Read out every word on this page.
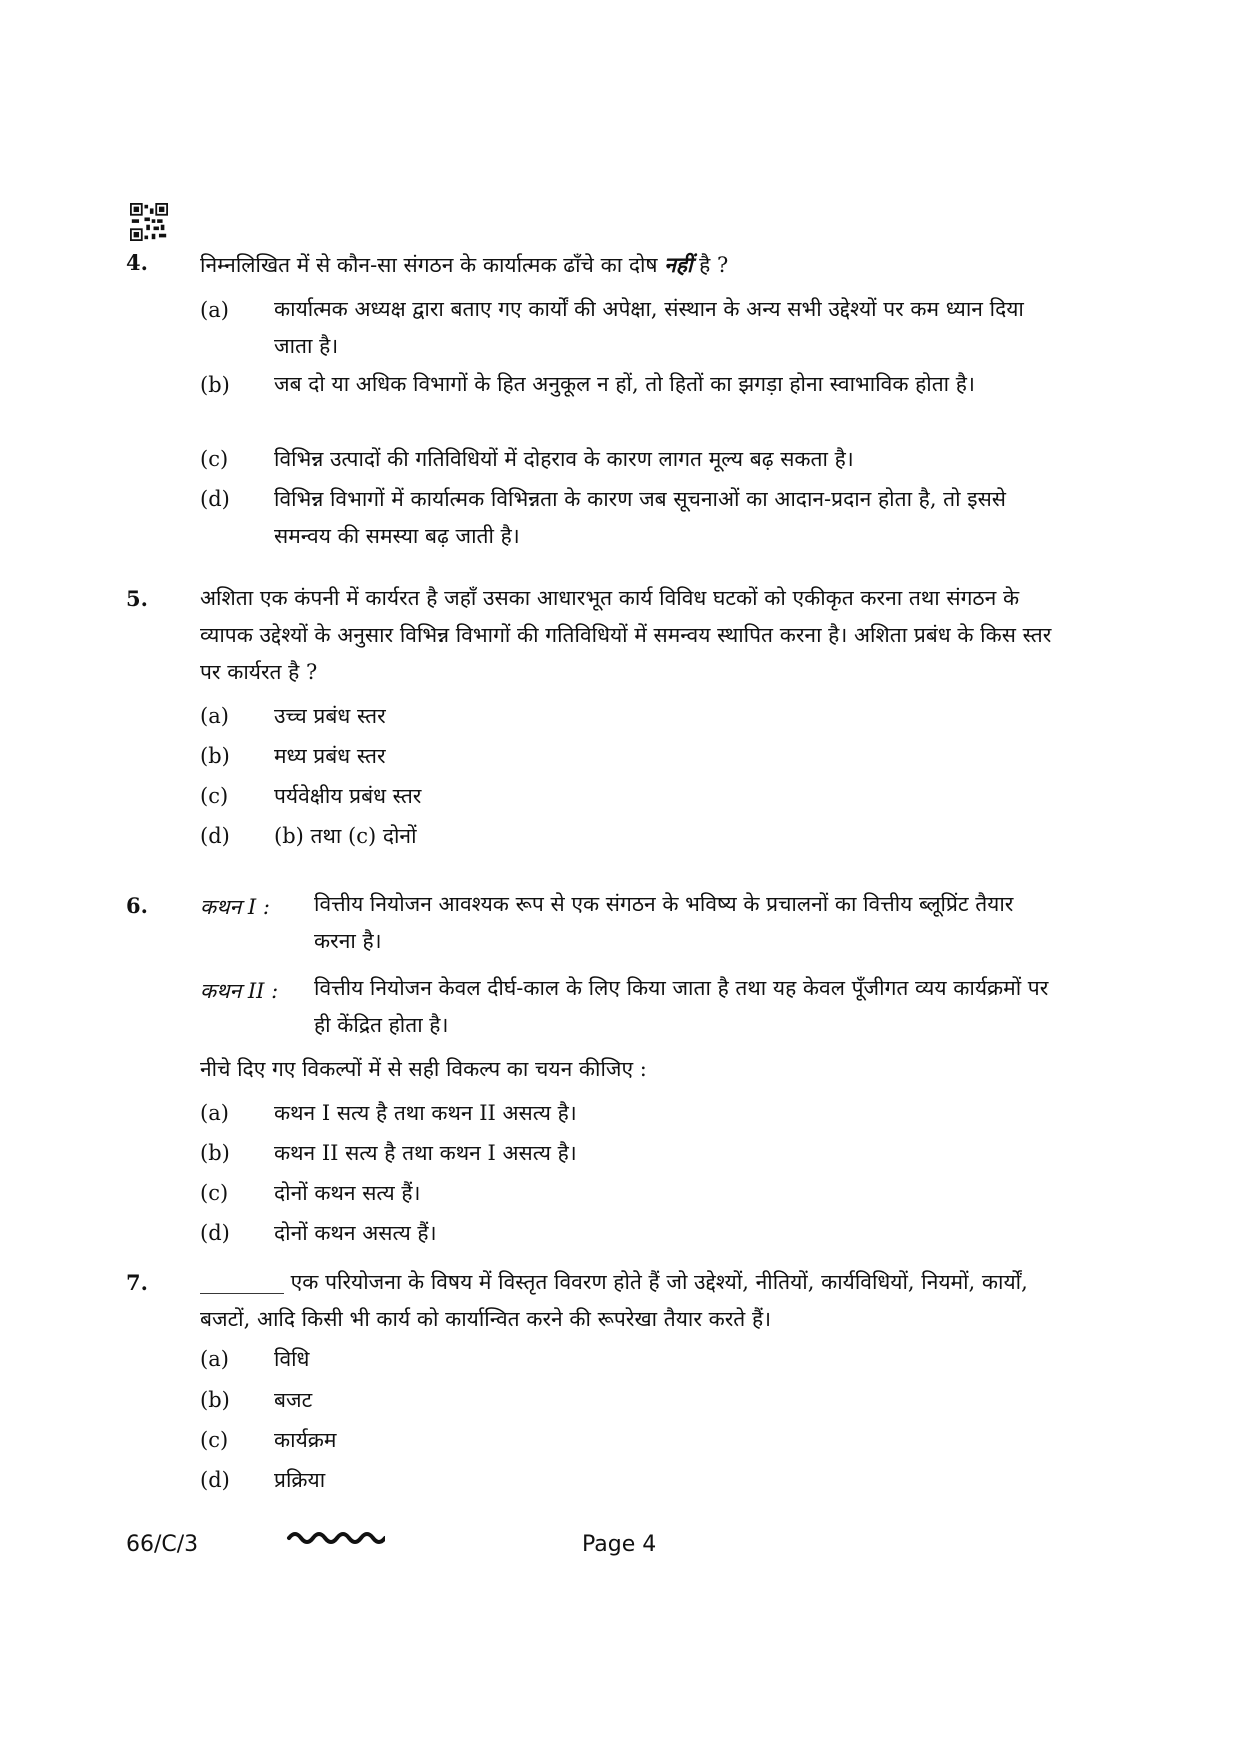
4. निम्नलिखित में से कौन-सा संगठन के कार्यात्मक ढाँचे का दोष नहीं है ?
(a) कार्यात्मक अध्यक्ष द्वारा बताए गए कार्यों की अपेक्षा, संस्थान के अन्य सभी उद्देश्यों पर कम ध्यान दिया जाता है।
(b) जब दो या अधिक विभागों के हित अनुकूल न हों, तो हितों का झगड़ा होना स्वाभाविक होता है।
(c) विभिन्न उत्पादों की गतिविधियों में दोहराव के कारण लागत मूल्य बढ़ सकता है।
(d) विभिन्न विभागों में कार्यात्मक विभिन्नता के कारण जब सूचनाओं का आदान-प्रदान होता है, तो इससे समन्वय की समस्या बढ़ जाती है।
5. अशिता एक कंपनी में कार्यरत है जहाँ उसका आधारभूत कार्य विविध घटकों को एकीकृत करना तथा संगठन के व्यापक उद्देश्यों के अनुसार विभिन्न विभागों की गतिविधियों में समन्वय स्थापित करना है। अशिता प्रबंध के किस स्तर पर कार्यरत है ?
(a) उच्च प्रबंध स्तर
(b) मध्य प्रबंध स्तर
(c) पर्यवेक्षीय प्रबंध स्तर
(d) (b) तथा (c) दोनों
6. कथन I : वित्तीय नियोजन आवश्यक रूप से एक संगठन के भविष्य के प्रचालनों का वित्तीय ब्लूप्रिंट तैयार करना है।
कथन II : वित्तीय नियोजन केवल दीर्घ-काल के लिए किया जाता है तथा यह केवल पूँजीगत व्यय कार्यक्रमों पर ही केंद्रित होता है।
नीचे दिए गए विकल्पों में से सही विकल्प का चयन कीजिए :
(a) कथन I सत्य है तथा कथन II असत्य है।
(b) कथन II सत्य है तथा कथन I असत्य है।
(c) दोनों कथन सत्य हैं।
(d) दोनों कथन असत्य हैं।
7. ________ एक परियोजना के विषय में विस्तृत विवरण होते हैं जो उद्देश्यों, नीतियों, कार्यविधियों, नियमों, कार्यों, बजटों, आदि किसी भी कार्य को कार्यान्वित करने की रूपरेखा तैयार करते हैं।
(a) विधि
(b) बजट
(c) कार्यक्रम
(d) प्रक्रिया
66/C/3	Page 4
